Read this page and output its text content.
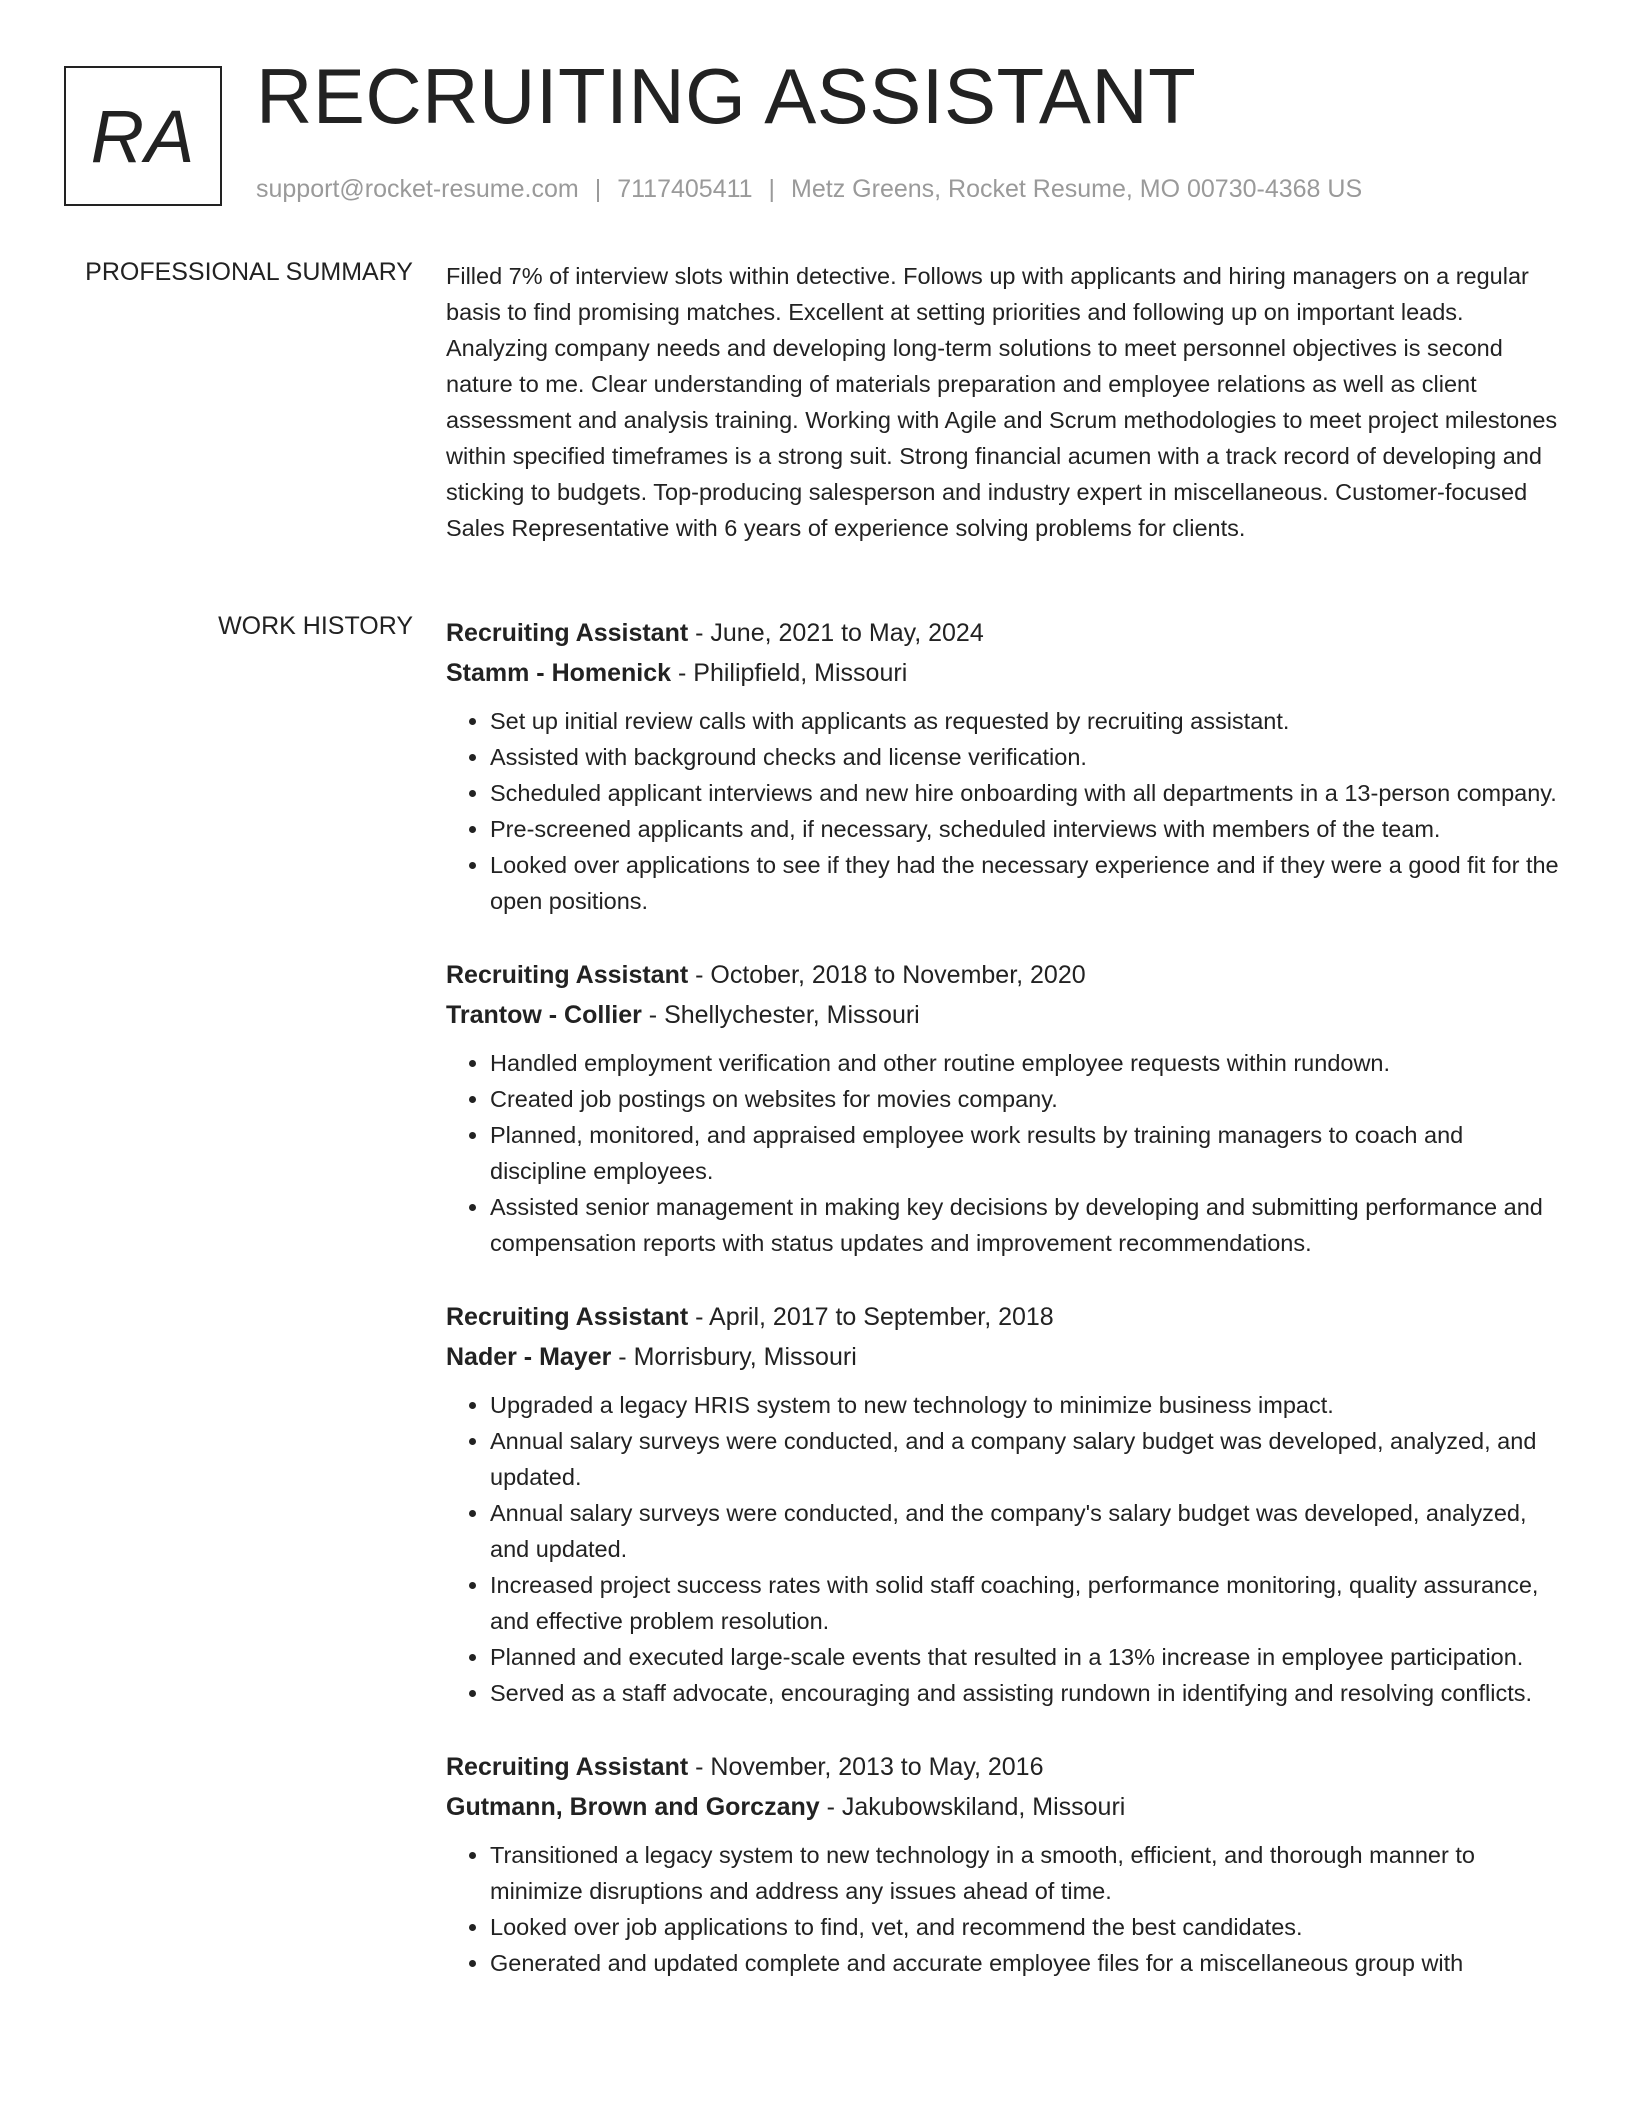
RA RECRUITING ASSISTANT
support@rocket-resume.com | 7117405411 | Metz Greens, Rocket Resume, MO 00730-4368 US
PROFESSIONAL SUMMARY Filled 7% of interview slots within detective. Follows up with applicants and hiring managers on a regular basis to find promising matches. Excellent at setting priorities and following up on important leads. Analyzing company needs and developing long-term solutions to meet personnel objectives is second nature to me. Clear understanding of materials preparation and employee relations as well as client assessment and analysis training. Working with Agile and Scrum methodologies to meet project milestones within specified timeframes is a strong suit. Strong financial acumen with a track record of developing and sticking to budgets. Top-producing salesperson and industry expert in miscellaneous. Customer-focused Sales Representative with 6 years of experience solving problems for clients.
WORK HISTORY Recruiting Assistant - June, 2021 to May, 2024
Stamm - Homenick - Philipfield, Missouri
• Set up initial review calls with applicants as requested by recruiting assistant.
• Assisted with background checks and license verification.
• Scheduled applicant interviews and new hire onboarding with all departments in a 13-person company.
• Pre-screened applicants and, if necessary, scheduled interviews with members of the team.
• Looked over applications to see if they had the necessary experience and if they were a good fit for the open positions.
Recruiting Assistant - October, 2018 to November, 2020
Trantow - Collier - Shellychester, Missouri
• Handled employment verification and other routine employee requests within rundown.
• Created job postings on websites for movies company.
• Planned, monitored, and appraised employee work results by training managers to coach and discipline employees.
• Assisted senior management in making key decisions by developing and submitting performance and compensation reports with status updates and improvement recommendations.
Recruiting Assistant - April, 2017 to September, 2018
Nader - Mayer - Morrisbury, Missouri
• Upgraded a legacy HRIS system to new technology to minimize business impact.
• Annual salary surveys were conducted, and a company salary budget was developed, analyzed, and updated.
• Annual salary surveys were conducted, and the company's salary budget was developed, analyzed, and updated.
• Increased project success rates with solid staff coaching, performance monitoring, quality assurance, and effective problem resolution.
• Planned and executed large-scale events that resulted in a 13% increase in employee participation.
• Served as a staff advocate, encouraging and assisting rundown in identifying and resolving conflicts.
Recruiting Assistant - November, 2013 to May, 2016
Gutmann, Brown and Gorczany - Jakubowskiland, Missouri
• Transitioned a legacy system to new technology in a smooth, efficient, and thorough manner to minimize disruptions and address any issues ahead of time.
• Looked over job applications to find, vet, and recommend the best candidates.
• Generated and updated complete and accurate employee files for a miscellaneous group with
